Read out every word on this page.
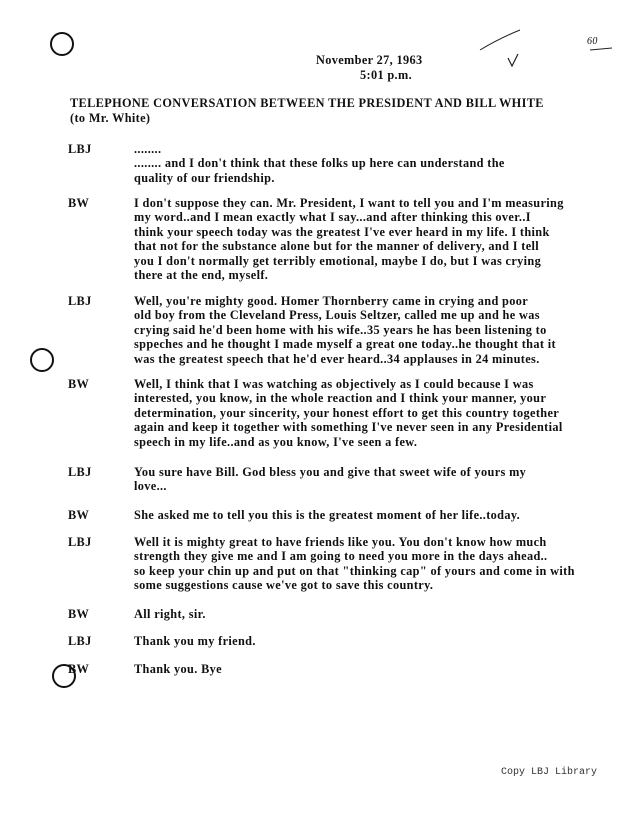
60
November 27, 1963
5:01 p.m.
TELEPHONE CONVERSATION BETWEEN THE PRESIDENT AND BILL WHITE
(to Mr. White)
LBJ	........
........ and I don't think that these folks up here can understand the
quality of our friendship.
BW	I don't suppose they can. Mr. President, I want to tell you and I'm measuring
my word..and I mean exactly what I say...and after thinking this over..I
think your speech today was the greatest I've ever heard in my life. I think
that not for the substance alone but for the manner of delivery, and I tell
you I don't normally get terribly emotional, maybe I do, but I was crying
there at the end, myself.
LBJ	Well, you're mighty good. Homer Thornberry came in crying and poor
old boy from the Cleveland Press, Louis Seltzer, called me up and he was
crying said he'd been home with his wife..35 years he has been listening to
sppeches and he thought I made myself a great one today..he thought that it
was the greatest speech that he'd ever heard..34 applauses in 24 minutes.
BW	Well, I think that I was watching as objectively as I could because I was
interested, you know, in the whole reaction and I think your manner, your
determination, your sincerity, your honest effort to get this country together
again and keep it together with something I've never seen in any Presidential
speech in my life..and as you know, I've seen a few.
LBJ	You sure have Bill. God bless you and give that sweet wife of yours my
love...
BW	She asked me to tell you this is the greatest moment of her life..today.
LBJ	Well it is mighty great to have friends like you. You don't know how much
strength they give me and I am going to need you more in the days ahead..
so keep your chin up and put on that "thinking cap" of yours and come in with
some suggestions cause we've got to save this country.
BW	All right, sir.
LBJ	Thank you my friend.
BW	Thank you. Bye
Copy LBJ Library
